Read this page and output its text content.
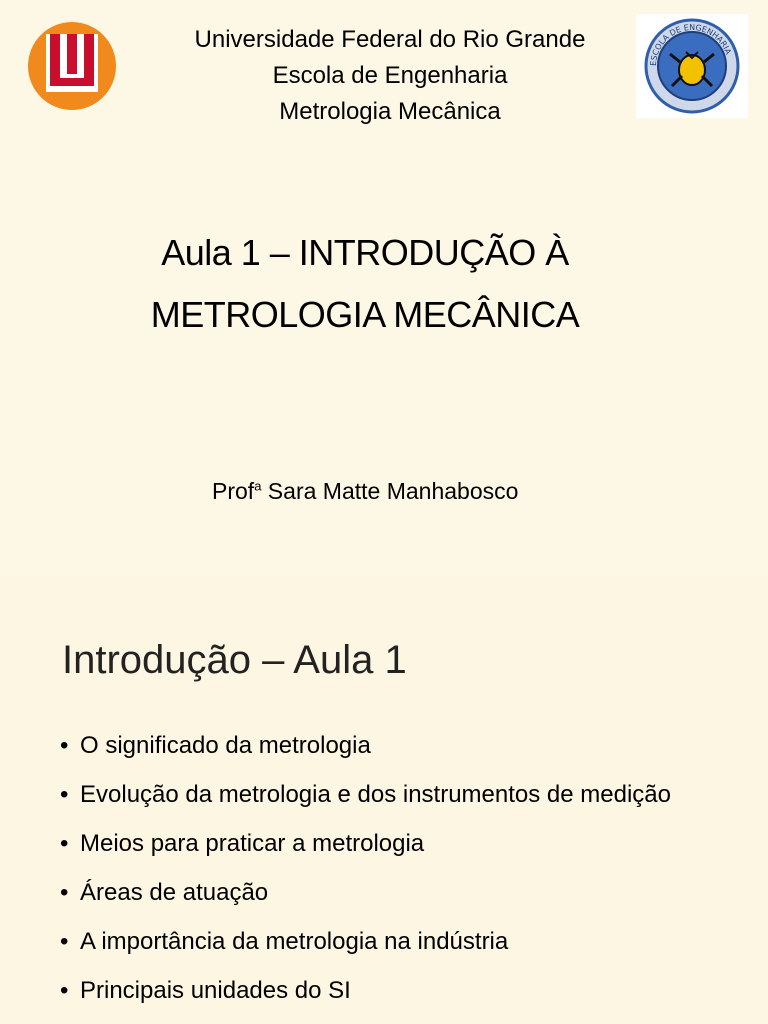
Universidade Federal do Rio Grande
Escola de Engenharia
Metrologia Mecânica
ESCOLA DE ENGENHARIA
Aula 1 – INTRODUÇÃO À
METROLOGIA MECÂNICA
Prof$^a$ Sara Matte Manhabosco
Introdução – Aula 1
• O significado da metrologia
• Evolução da metrologia e dos instrumentos de medição
• Meios para praticar a metrologia
• Áreas de atuação
• A importância da metrologia na indústria
• Principais unidades do SI
